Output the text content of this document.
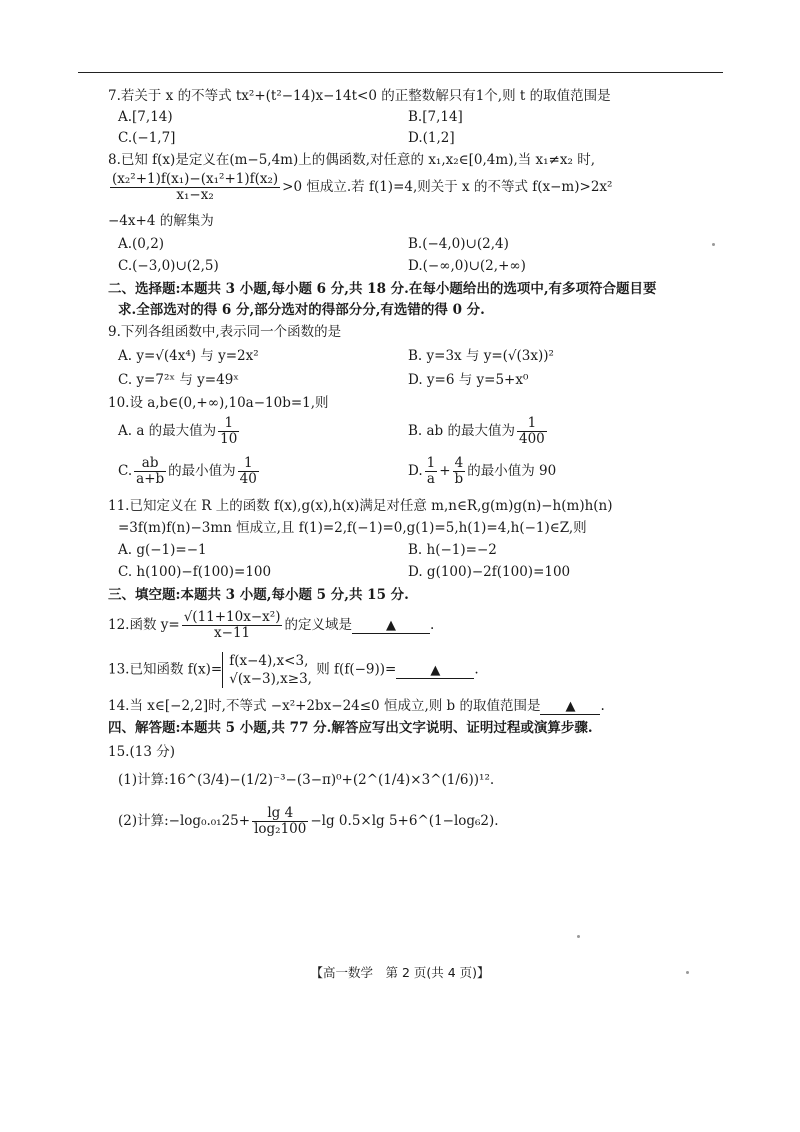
7.若关于 x 的不等式 tx²+(t²−14)x−14t<0 的正整数解只有1个,则 t 的取值范围是
A.[7,14)	B.[7,14]
C.(−1,7]	D.(1,2]
8.已知 f(x)是定义在(m−5,4m)上的偶函数,对任意的 x₁,x₂∈[0,4m),当 x₁≠x₂ 时,
$\frac{\text{(x₂²+1)f(x₁)−(x₁²+1)f(x₂)}}{\text{x₁−x₂}} >0$ 恒成立.若 f(1)=4,则关于 x 的不等式 f(x−m)>2x²
−4x+4 的解集为
A.(0,2)	B.(−4,0)∪(2,4)
C.(−3,0)∪(2,5)	D.(−∞,0)∪(2,+∞)
二、选择题:本题共 3 小题,每小题 6 分,共 18 分.在每小题给出的选项中,有多项符合题目要
求.全部选对的得 6 分,部分选对的得部分分,有选错的得 0 分.
9.下列各组函数中,表示同一个函数的是
A. y=√(4x⁴) 与 y=2x²	B. y=3x 与 y=(√(3x))²
C. y=7²ˣ 与 y=49ˣ	D. y=6 与 y=5+x⁰
10.设 a,b∈(0,+∞),10a−10b=1,则
A. a 的最大值为 $\frac{1}{10}$	B. ab 的最大值为 $\frac{1}{400}$
C. $\frac{ab}{a+b}$ 的最小值为 $\frac{1}{40}$	D. $\frac{1}{a} + \frac{4}{b}$ 的最小值为 90
11.已知定义在 R 上的函数 f(x),g(x),h(x)满足对任意 m,n∈R,g(m)g(n)−h(m)h(n)
=3f(m)f(n)−3mn 恒成立,且 f(1)=2,f(−1)=0,g(1)=5,h(1)=4,h(−1)∈Z,则
A. g(−1)=−1	B. h(−1)=−2
C. h(100)−f(100)=100	D. g(100)−2f(100)=100
三、填空题:本题共 3 小题,每小题 5 分,共 15 分.
12.函数 $y= \frac{\text{√(11+10x−x²)}}{x-11}$ 的定义域是	▲	.
13.已知函数 f(x)=
f(x−4),x<3,
√(x−3),x≥3,
则 f(f(−9))=	▲	.
14.当 x∈[−2,2]时,不等式 −x²+2bx−24≤0 恒成立,则 b 的取值范围是 ▲ .
四、解答题:本题共 5 小题,共 77 分.解答应写出文字说明、证明过程或演算步骤.
15.(13 分)
(1)计算:16^(3/4)−(1/2)⁻³−(3−π)⁰+(2^(1/4)×3^(1/6))¹².
(2)计算:−log₀.₀₁25+ $\frac{\lg 4}{\text{log₂100}} -\lg$ 0.5×lg 5+6^(1−log₆2).
【高一数学　第 2 页(共 4 页)】
